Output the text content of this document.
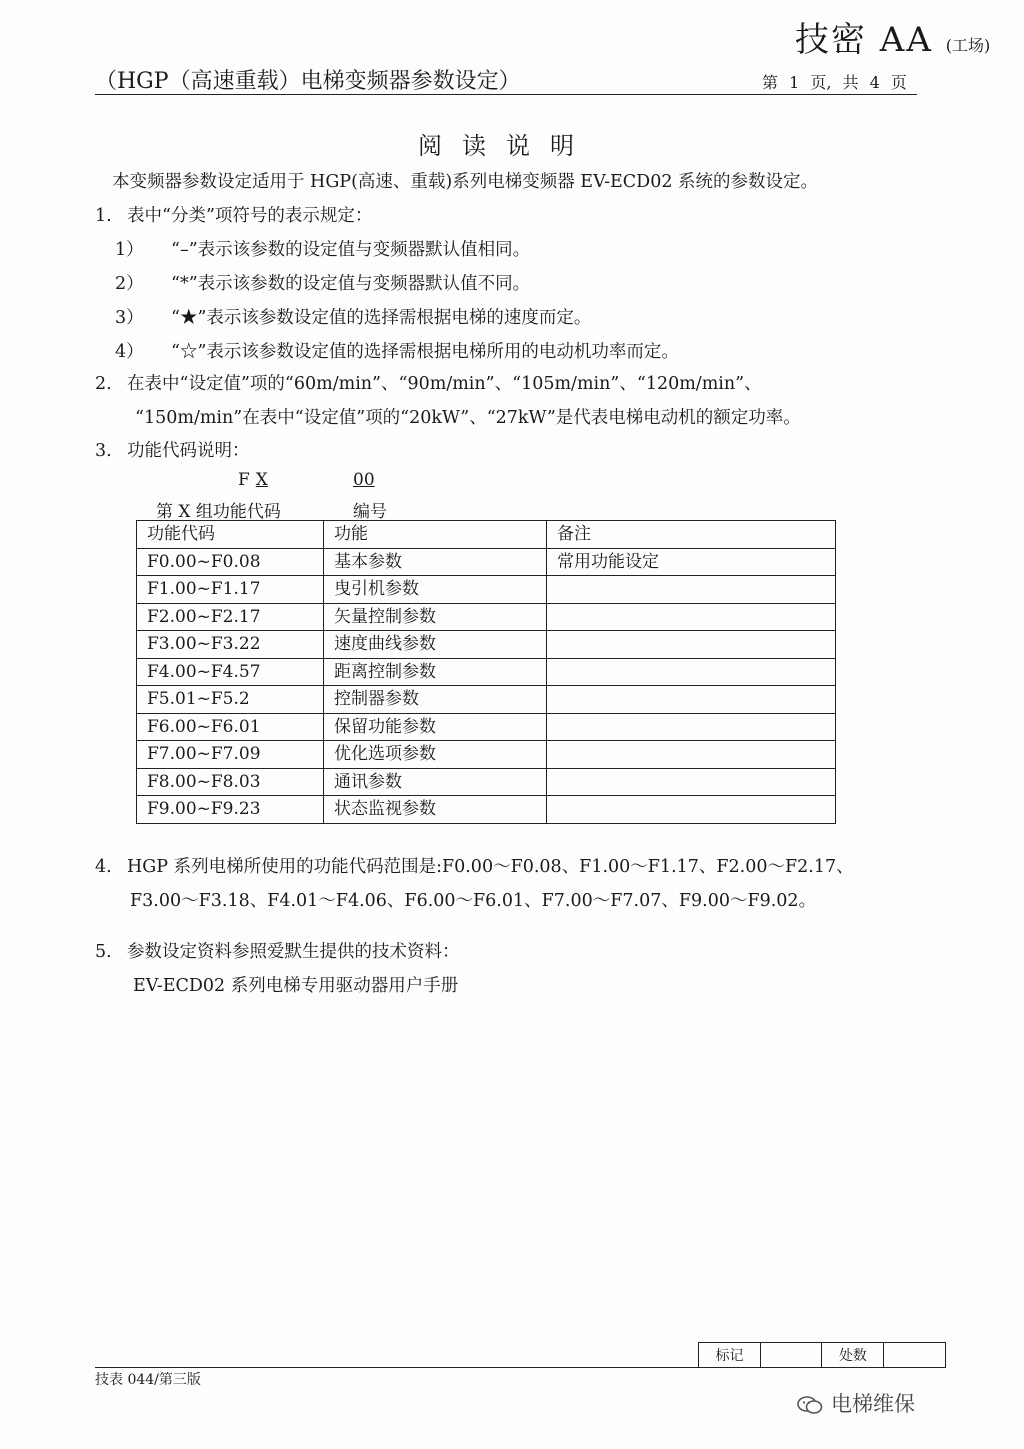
技密 AA (工场)
（HGP（高速重载）电梯变频器参数设定）	第 1 页, 共 4 页
阅读说明
本变频器参数设定适用于 HGP(高速、重载)系列电梯变频器 EV-ECD02 系统的参数设定。
1. 表中“分类”项符号的表示规定：
1） “–”表示该参数的设定值与变频器默认值相同。
2） “*”表示该参数的设定值与变频器默认值不同。
3） “★”表示该参数设定值的选择需根据电梯的速度而定。
4） “☆”表示该参数设定值的选择需根据电梯所用的电动机功率而定。
2. 在表中“设定值”项的“60m/min”、“90m/min”、“105m/min”、“120m/min”、
“150m/min”在表中“设定值”项的“20kW”、“27kW”是代表电梯电动机的额定功率。
3. 功能代码说明：
F X	00
第 X 组功能代码	编号
功能代码	功能	备注
F0.00~F0.08	基本参数	常用功能设定
F1.00~F1.17	曳引机参数	
F2.00~F2.17	矢量控制参数	
F3.00~F3.22	速度曲线参数	
F4.00~F4.57	距离控制参数	
F5.01~F5.2	控制器参数	
F6.00~F6.01	保留功能参数	
F7.00~F7.09	优化选项参数	
F8.00~F8.03	通讯参数	
F9.00~F9.23	状态监视参数	
4. HGP 系列电梯所使用的功能代码范围是:F0.00～F0.08、F1.00～F1.17、F2.00～F2.17、
F3.00～F3.18、F4.01～F4.06、F6.00～F6.01、F7.00～F7.07、F9.00～F9.02。
5. 参数设定资料参照爱默生提供的技术资料：
EV-ECD02 系列电梯专用驱动器用户手册
标记		处数	
技表 044/第三版
电梯维保
